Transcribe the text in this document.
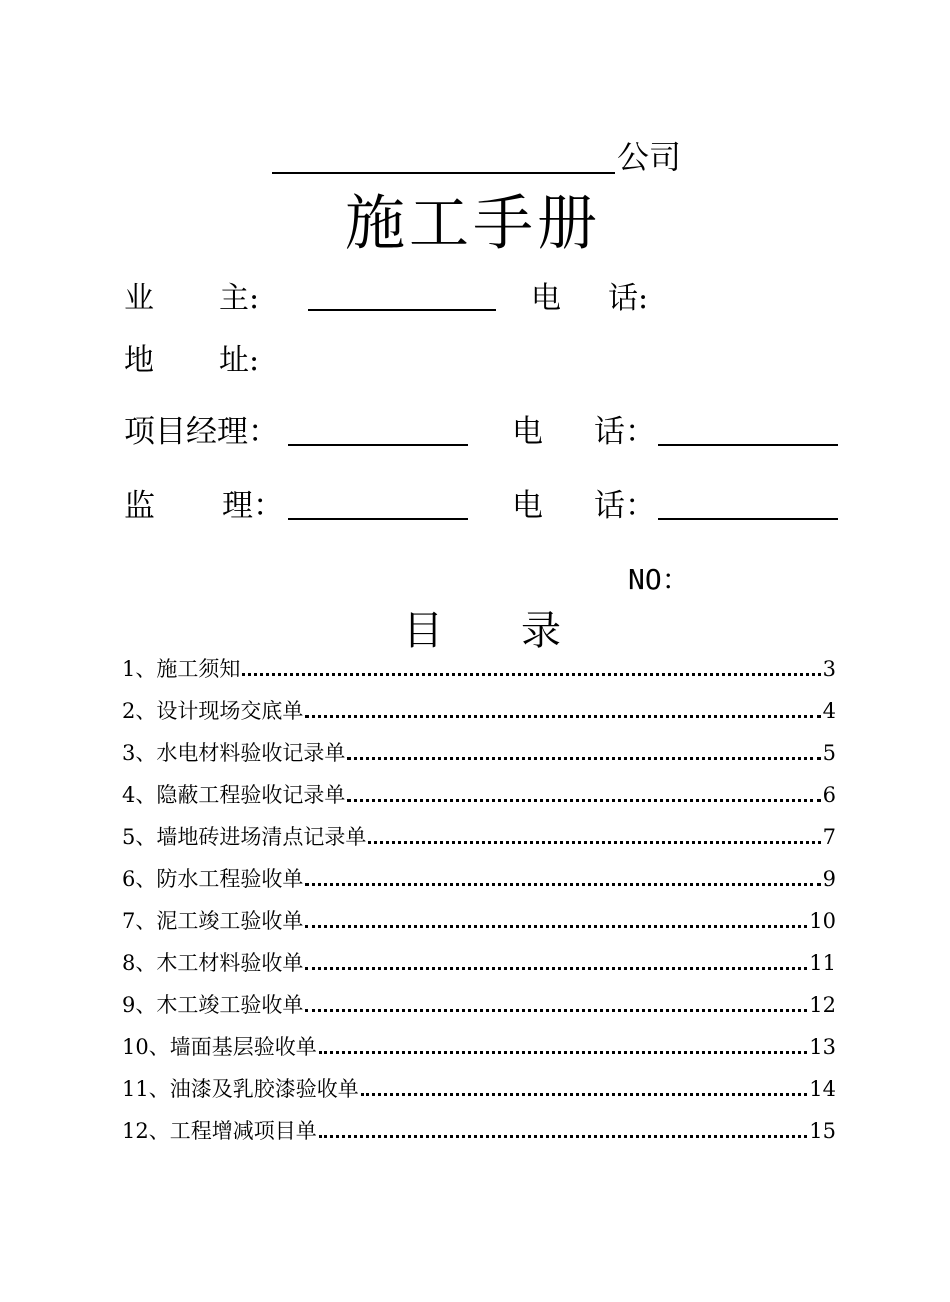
公司
施工手册
业 主:	电 话:
地 址:
项目经理：	电 话：
监 理：	电 话：
NO：
目 录
1、施工须知	3
2、设计现场交底单	4
3、水电材料验收记录单	5
4、隐蔽工程验收记录单	6
5、墙地砖进场清点记录单	7
6、防水工程验收单	9
7、泥工竣工验收单	10
8、木工材料验收单	11
9、木工竣工验收单	12
10、墙面基层验收单	13
11、油漆及乳胶漆验收单	14
12、工程增减项目单	15
